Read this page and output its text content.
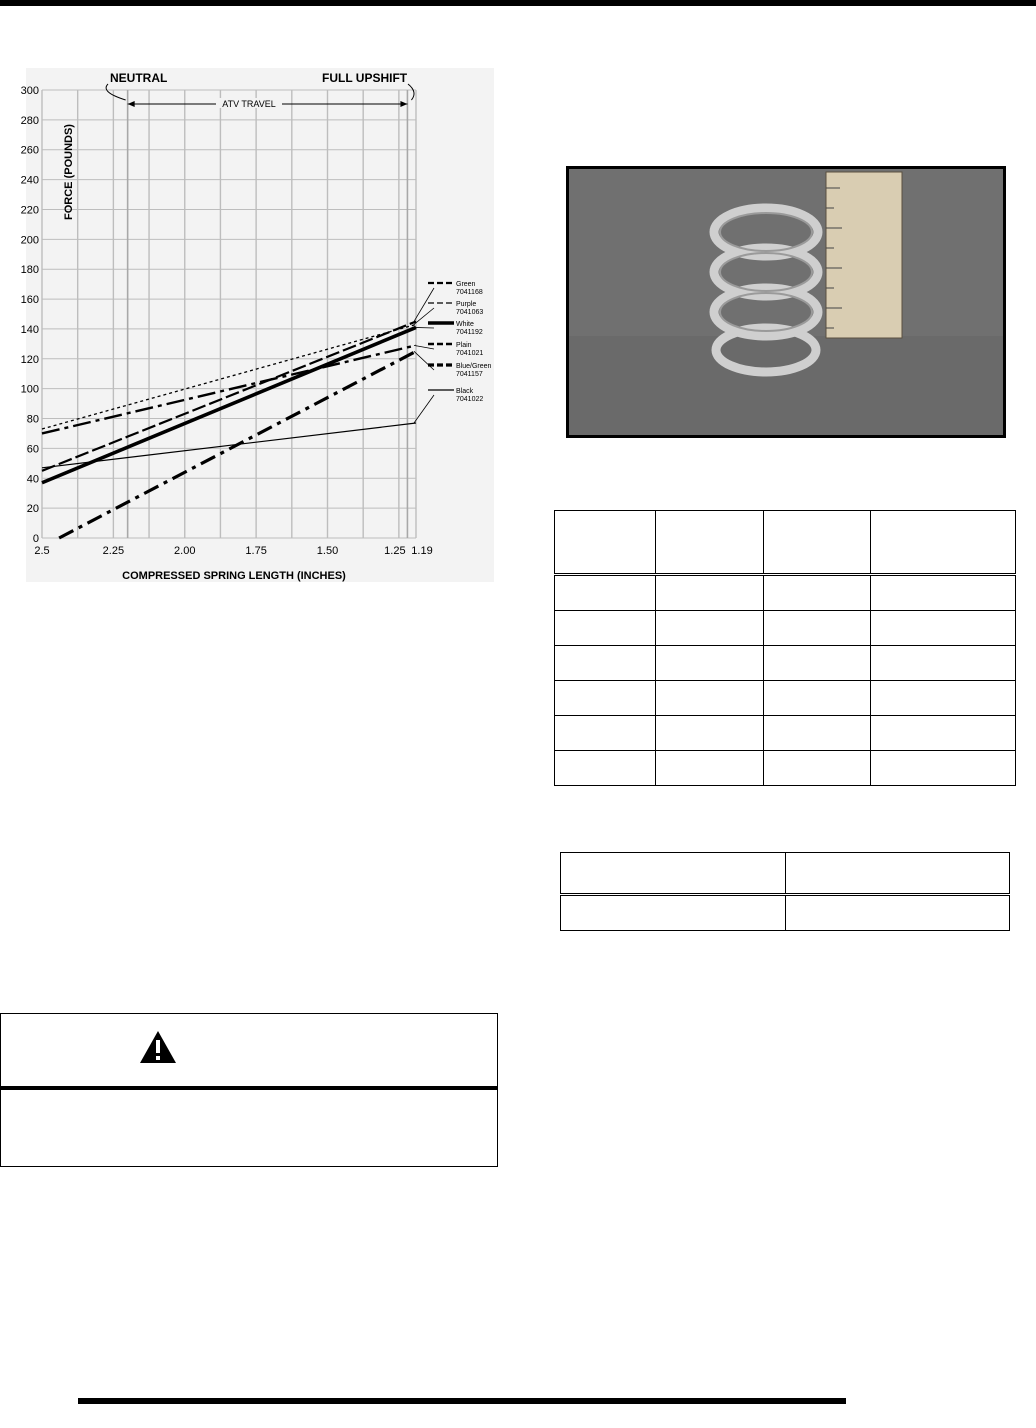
300
280
260
240
220
200
180
160
140
120
100
80
60
40
20
0
2.5	2.25	2.00	1.75	1.50	1.25 1.19
Green
7041168
Purple
7041063
White
7041192
Plain
7041021
Blue/Green
7041157
Black
7041022
NEUTRAL	FULL UPSHIFT
ATV TRAVEL
FORCE (POUNDS)
COMPRESSED SPRING LENGTH (INCHES)
